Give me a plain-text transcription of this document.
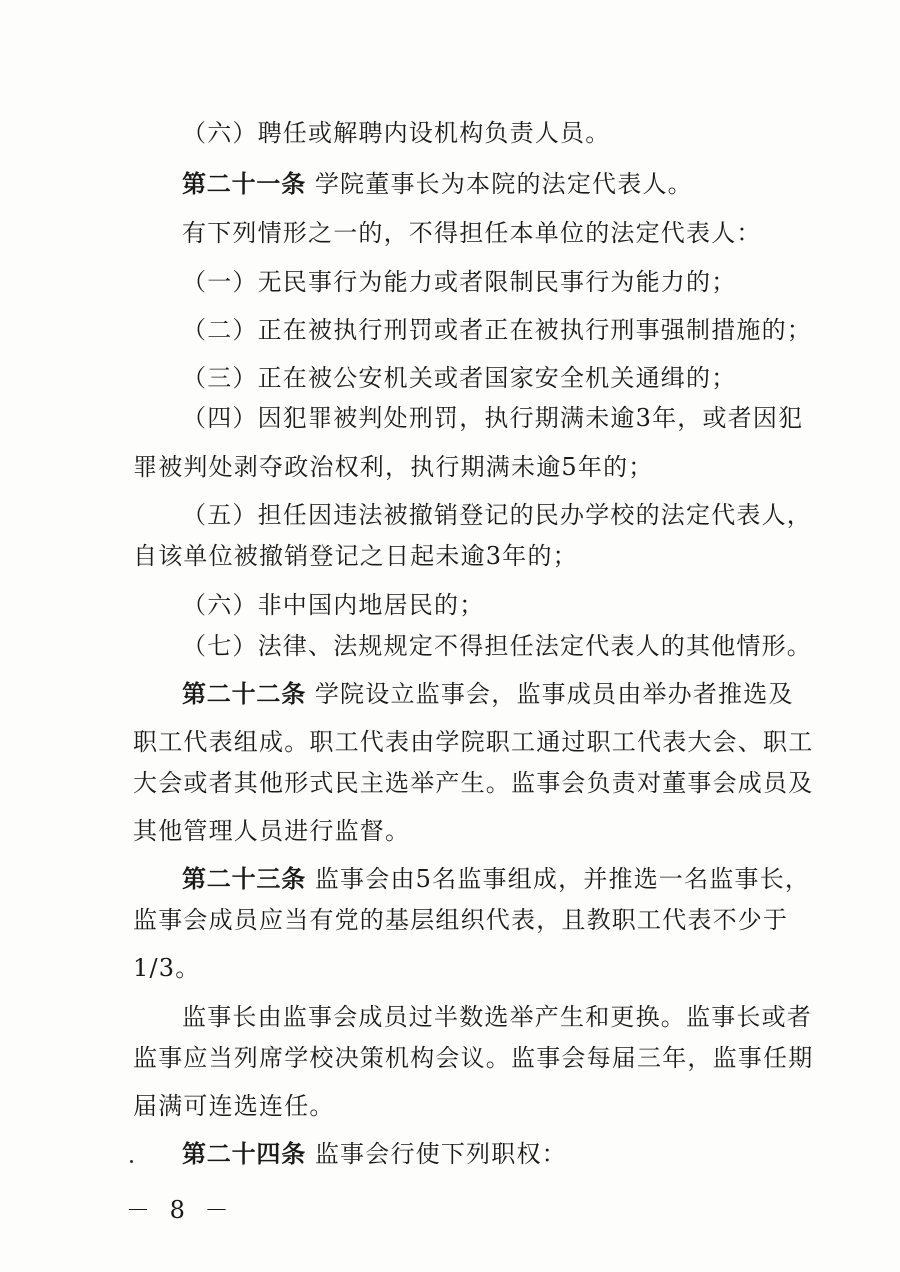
（六）聘任或解聘内设机构负责人员。
第二十一条 学院董事长为本院的法定代表人。
有下列情形之一的，不得担任本单位的法定代表人：
（一）无民事行为能力或者限制民事行为能力的；
（二）正在被执行刑罚或者正在被执行刑事强制措施的；
（三）正在被公安机关或者国家安全机关通缉的；
（四）因犯罪被判处刑罚，执行期满未逾3年，或者因犯
罪被判处剥夺政治权利，执行期满未逾5年的；
（五）担任因违法被撤销登记的民办学校的法定代表人，
自该单位被撤销登记之日起未逾3年的；
（六）非中国内地居民的；
（七）法律、法规规定不得担任法定代表人的其他情形。
第二十二条 学院设立监事会，监事成员由举办者推选及
职工代表组成。职工代表由学院职工通过职工代表大会、职工
大会或者其他形式民主选举产生。监事会负责对董事会成员及
其他管理人员进行监督。
第二十三条 监事会由5名监事组成，并推选一名监事长，
监事会成员应当有党的基层组织代表，且教职工代表不少于
1/3。
监事长由监事会成员过半数选举产生和更换。监事长或者
监事应当列席学校决策机构会议。监事会每届三年，监事任期
届满可连选连任。
第二十四条 监事会行使下列职权：
－ 8 －
